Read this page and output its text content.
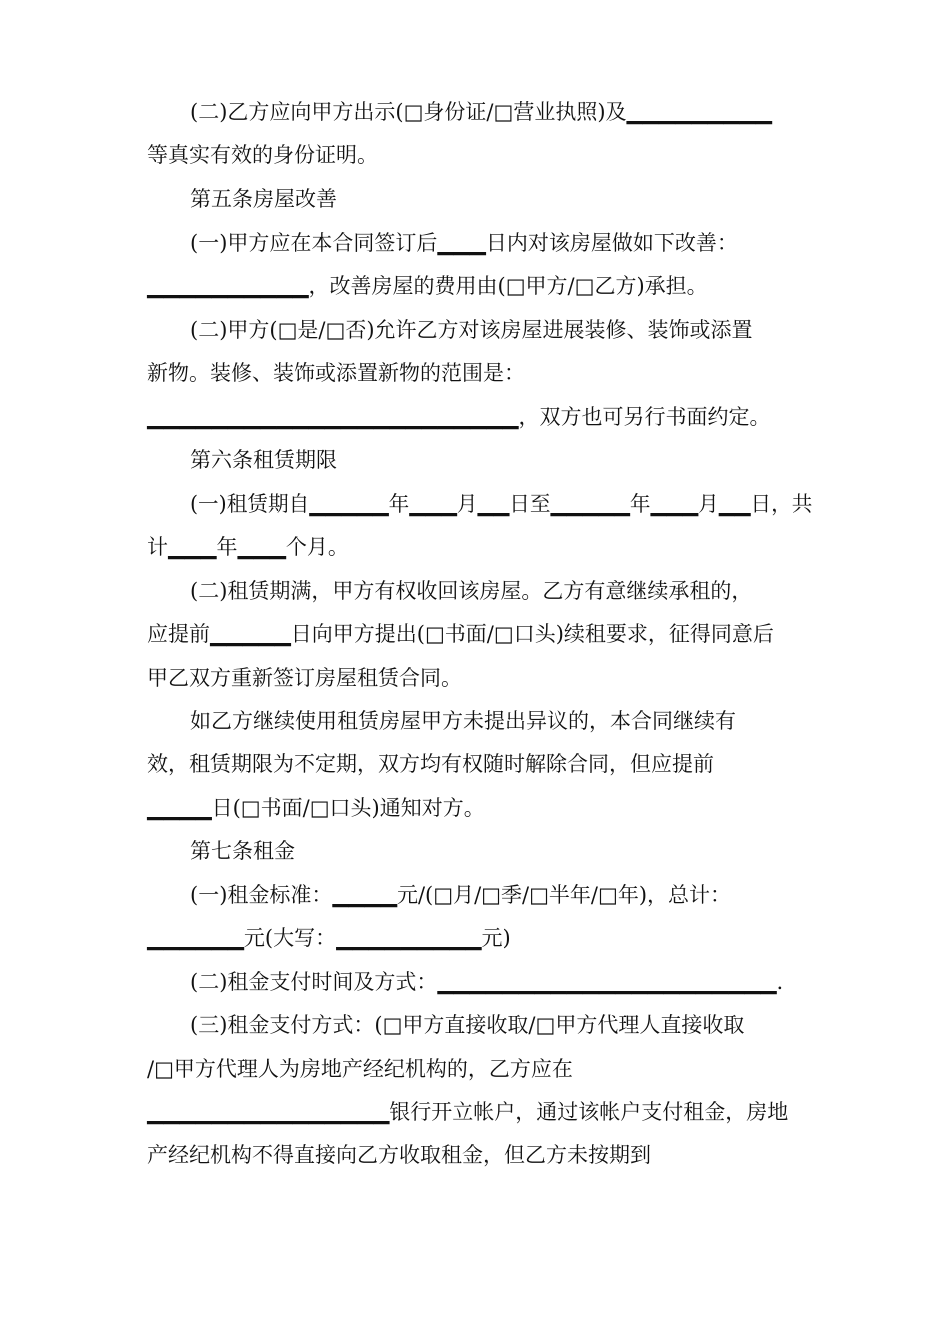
(二)乙方应向甲方出示(□身份证/□营业执照)及▁▁▁▁▁▁▁▁▁
等真实有效的身份证明。
第五条房屋改善
(一)甲方应在本合同签订后▁▁▁日内对该房屋做如下改善：
▁▁▁▁▁▁▁▁▁▁，改善房屋的费用由(□甲方/□乙方)承担。
(二)甲方(□是/□否)允许乙方对该房屋进展装修、装饰或添置
新物。装修、装饰或添置新物的范围是：
▁▁▁▁▁▁▁▁▁▁▁▁▁▁▁▁▁▁▁▁▁▁▁，双方也可另行书面约定。
第六条租赁期限
(一)租赁期自▁▁▁▁▁年▁▁▁月▁▁日至▁▁▁▁▁年▁▁▁月▁▁日，共
计▁▁▁年▁▁▁个月。
(二)租赁期满，甲方有权收回该房屋。乙方有意继续承租的，
应提前▁▁▁▁▁日向甲方提出(□书面/□口头)续租要求，征得同意后
甲乙双方重新签订房屋租赁合同。
如乙方继续使用租赁房屋甲方未提出异议的，本合同继续有
效，租赁期限为不定期，双方均有权随时解除合同，但应提前
▁▁▁▁日(□书面/□口头)通知对方。
第七条租金
(一)租金标准：▁▁▁▁元/(□月/□季/□半年/□年)，总计：
▁▁▁▁▁▁元(大写：▁▁▁▁▁▁▁▁▁元)
(二)租金支付时间及方式：▁▁▁▁▁▁▁▁▁▁▁▁▁▁▁▁▁▁▁▁▁.
(三)租金支付方式：(□甲方直接收取/□甲方代理人直接收取
/□甲方代理人为房地产经纪机构的，乙方应在
▁▁▁▁▁▁▁▁▁▁▁▁▁▁▁银行开立帐户，通过该帐户支付租金，房地
产经纪机构不得直接向乙方收取租金，但乙方未按期到
